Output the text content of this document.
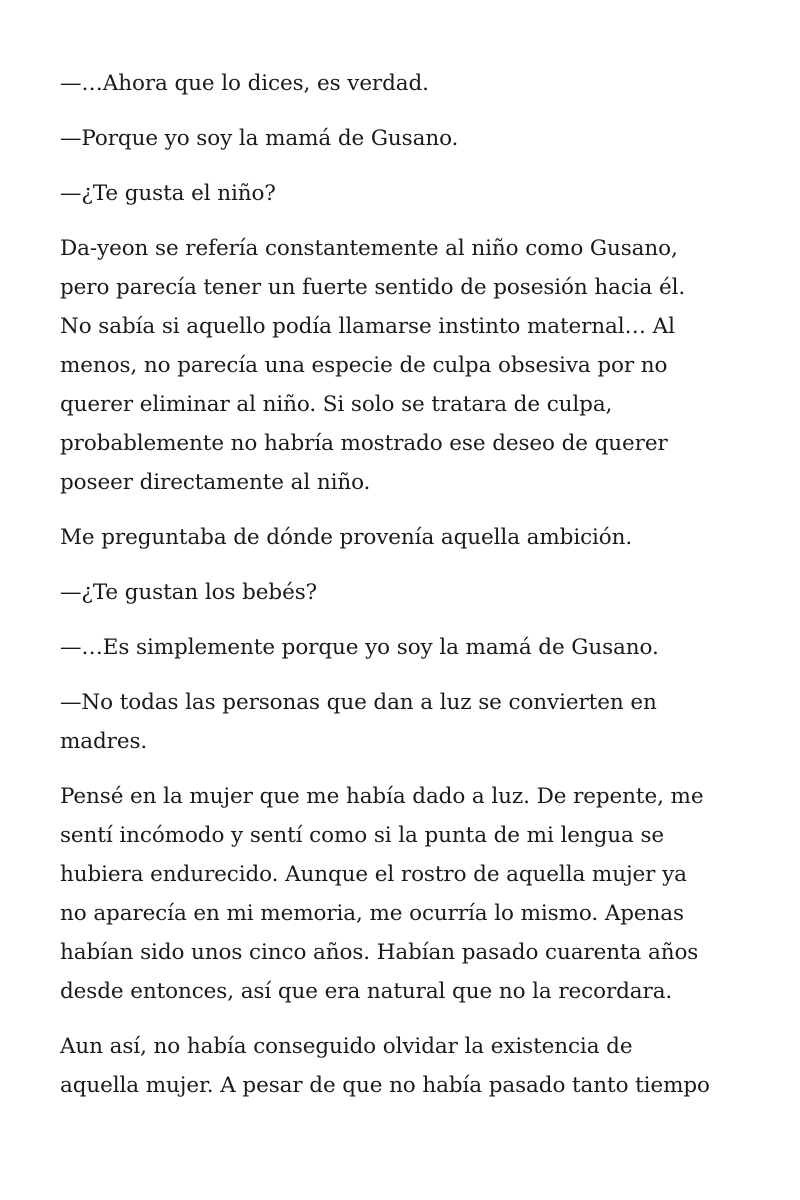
—…Ahora que lo dices, es verdad.

—Porque yo soy la mamá de Gusano.

—¿Te gusta el niño?

Da-yeon se refería constantemente al niño como Gusano,
pero parecía tener un fuerte sentido de posesión hacia él.
No sabía si aquello podía llamarse instinto maternal… Al
menos, no parecía una especie de culpa obsesiva por no
querer eliminar al niño. Si solo se tratara de culpa,
probablemente no habría mostrado ese deseo de querer
poseer directamente al niño.

Me preguntaba de dónde provenía aquella ambición.

—¿Te gustan los bebés?

—…Es simplemente porque yo soy la mamá de Gusano.

—No todas las personas que dan a luz se convierten en
madres.

Pensé en la mujer que me había dado a luz. De repente, me
sentí incómodo y sentí como si la punta de mi lengua se
hubiera endurecido. Aunque el rostro de aquella mujer ya
no aparecía en mi memoria, me ocurría lo mismo. Apenas
habían sido unos cinco años. Habían pasado cuarenta años
desde entonces, así que era natural que no la recordara.

Aun así, no había conseguido olvidar la existencia de
aquella mujer. A pesar de que no había pasado tanto tiempo
